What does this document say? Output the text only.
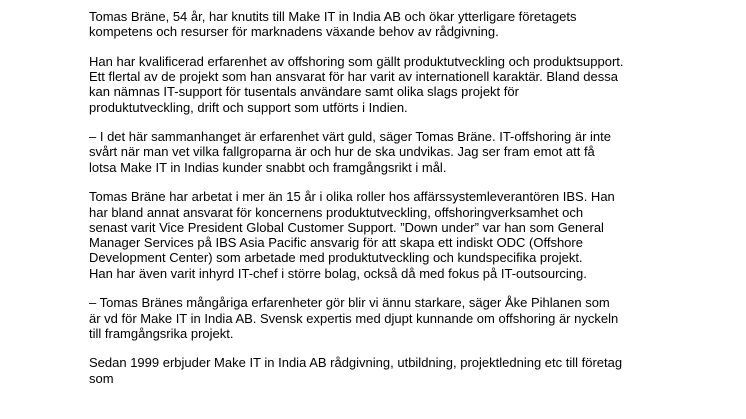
Tomas Bräne, 54 år, har knutits till Make IT in India AB och ökar ytterligare företagets
kompetens och resurser för marknadens växande behov av rådgivning.

Han har kvalificerad erfarenhet av offshoring som gällt produktutveckling och produktsupport.
Ett flertal av de projekt som han ansvarat för har varit av internationell karaktär. Bland dessa
kan nämnas IT-support för tusentals användare samt olika slags projekt för
produktutveckling, drift och support som utförts i Indien.

– I det här sammanhanget är erfarenhet värt guld, säger Tomas Bräne. IT-offshoring är inte
svårt när man vet vilka fallgroparna är och hur de ska undvikas. Jag ser fram emot att få
lotsa Make IT in Indias kunder snabbt och framgångsrikt i mål.

Tomas Bräne har arbetat i mer än 15 år i olika roller hos affärssystemleverantören IBS. Han
har bland annat ansvarat för koncernens produktutveckling, offshoringverksamhet och
senast varit Vice President Global Customer Support. ”Down under” var han som General
Manager Services på IBS Asia Pacific ansvarig för att skapa ett indiskt ODC (Offshore
Development Center) som arbetade med produktutveckling och kundspecifika projekt.
Han har även varit inhyrd IT-chef i större bolag, också då med fokus på IT-outsourcing.

– Tomas Bränes mångåriga erfarenheter gör blir vi ännu starkare, säger Åke Pihlanen som
är vd för Make IT in India AB. Svensk expertis med djupt kunnande om offshoring är nyckeln
till framgångsrika projekt.

Sedan 1999 erbjuder Make IT in India AB rådgivning, utbildning, projektledning etc till företag
som
